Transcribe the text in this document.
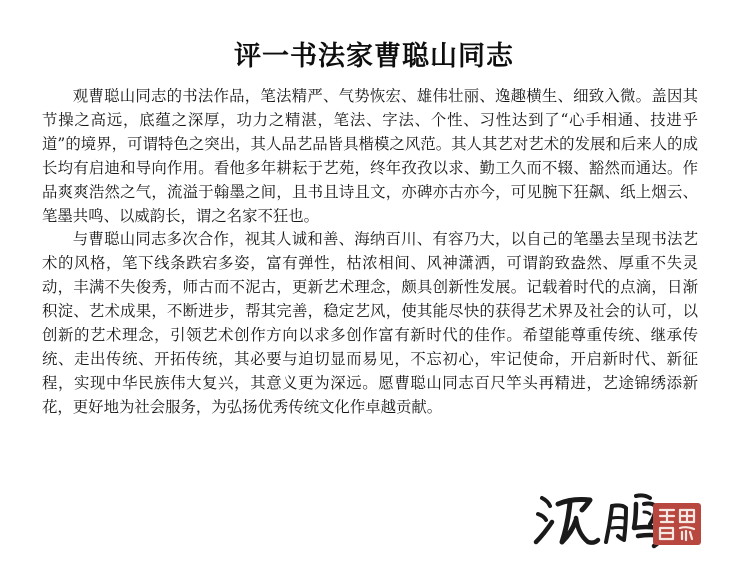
评一书法家曹聪山同志

观曹聪山同志的书法作品，笔法精严、气势恢宏、雄伟壮丽、逸趣横生、细致入微。盖因其节操之高远，底蕴之深厚，功力之精湛，笔法、字法、个性、习性达到了“心手相通、技进乎道”的境界，可谓特色之突出，其人品艺品皆具楷模之风范。其人其艺对艺术的发展和后来人的成长均有启迪和导向作用。看他多年耕耘于艺苑，终年孜孜以求、勤工久而不辍、豁然而通达。作品爽爽浩然之气，流溢于翰墨之间，且书且诗且文，亦碑亦古亦今，可见腕下狂飙、纸上烟云、笔墨共鸣、以威韵长，谓之名家不狂也。

与曹聪山同志多次合作，视其人诚和善、海纳百川、有容乃大，以自己的笔墨去呈现书法艺术的风格，笔下线条跌宕多姿，富有弹性，枯浓相间、风神潇洒，可谓韵致盎然、厚重不失灵动，丰满不失俊秀，师古而不泥古，更新艺术理念，颇具创新性发展。记载着时代的点滴，日渐积淀、艺术成果，不断进步，帮其完善，稳定艺风，使其能尽快的获得艺术界及社会的认可，以创新的艺术理念，引领艺术创作方向以求多创作富有新时代的佳作。希望能尊重传统、继承传统、走出传统、开拓传统，其必要与迫切显而易见，不忘初心，牢记使命，开启新时代、新征程，实现中华民族伟大复兴，其意义更为深远。愿曹聪山同志百尺竿头再精进，艺途锦绣添新花，更好地为社会服务，为弘扬优秀传统文化作卓越贡献。
